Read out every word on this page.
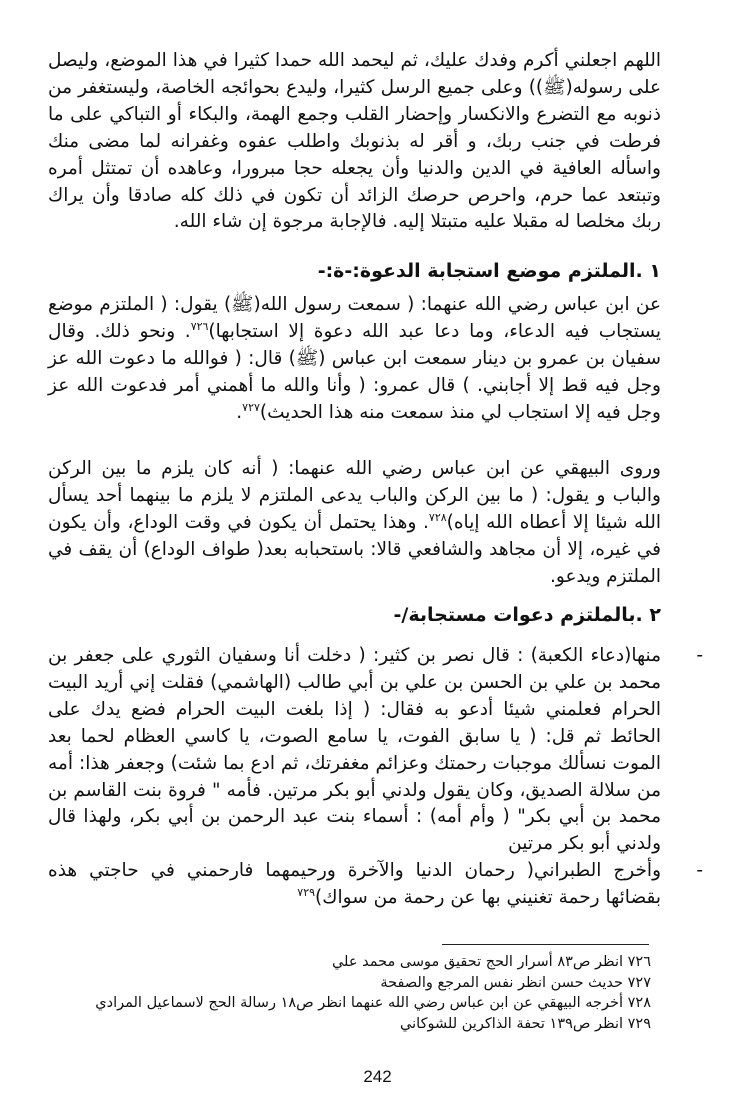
اللهم اجعلني أكرم وفدك عليك، ثم ليحمد الله حمدا كثيرا في هذا الموضع، وليصل على رسوله(ﷺ)) وعلى جميع الرسل كثيرا، وليدع بحوائجه الخاصة، وليستغفر من ذنوبه مع التضرع والانكسار وإحضار القلب وجمع الهمة، والبكاء أو التباكي على ما فرطت في جنب ربك، و أقر له بذنوبك واطلب عفوه وغفرانه لما مضى منك واسأله العافية في الدين والدنيا وأن يجعله حجا مبرورا، وعاهده أن تمتثل أمره وتبتعد عما حرم، واحرص حرصك الزائد أن تكون في ذلك كله صادقا وأن يراك ربك مخلصا له مقبلا عليه متبتلا إليه. فالإجابة مرجوة إن شاء الله.

١ .الملتزم موضع استجابة الدعوة:-ة:-

عن ابن عباس رضي الله عنهما: ( سمعت رسول الله(ﷺ) يقول: ( الملتزم موضع يستجاب فيه الدعاء، وما دعا عبد الله دعوة إلا استجابها)$^{٧٢٦}$. ونحو ذلك. وقال سفيان بن عمرو بن دينار سمعت ابن عباس (ﷺ) قال: ( فوالله ما دعوت الله عز وجل فيه قط إلا أجابني. ) قال عمرو: ( وأنا والله ما أهمني أمر فدعوت الله عز وجل فيه إلا استجاب لي منذ سمعت منه هذا الحديث)$^{٧٢٧}$.

وروى البيهقي عن ابن عباس رضي الله عنهما: ( أنه كان يلزم ما بين الركن والباب و يقول: ( ما بين الركن والباب يدعى الملتزم لا يلزم ما بينهما أحد يسأل الله شيئا إلا أعطاه الله إياه)$^{٧٢٨}$. وهذا يحتمل أن يكون في وقت الوداع، وأن يكون في غيره، إلا أن مجاهد والشافعي قالا: باستحبابه بعد( طواف الوداع) أن يقف في الملتزم ويدعو.

٢ .بالملتزم دعوات مستجابة/-

-

منها(دعاء الكعبة) : قال نصر بن كثير: ( دخلت أنا وسفيان الثوري على جعفر بن محمد بن علي بن الحسن بن علي بن أبي طالب (الهاشمي) فقلت إني أريد البيت الحرام فعلمني شيئا أدعو به فقال: ( إذا بلغت البيت الحرام فضع يدك على الحائط ثم قل: ( يا سابق الفوت، يا سامع الصوت، يا كاسي العظام لحما بعد الموت نسألك موجبات رحمتك وعزائم مغفرتك، ثم ادع بما شئت) وجعفر هذا: أمه من سلالة الصديق، وكان يقول ولدني أبو بكر مرتين. فأمه " فروة بنت القاسم بن محمد بن أبي بكر" ( وأم أمه) : أسماء بنت عبد الرحمن بن أبي بكر، ولهذا قال ولدني أبو بكر مرتين

-

وأخرج الطبراني( رحمان الدنيا والآخرة ورحيمهما فارحمني في حاجتي هذه بقضائها رحمة تغنيني بها عن رحمة من سواك)$^{٧٢٩}$

٧٢٦ انظر ص٨٣ أسرار الحج تحقيق موسى محمد علي

٧٢٧ حديث حسن انظر نفس المرجع والصفحة

٧٢٨ أخرجه البيهقي عن ابن عباس رضي الله عنهما انظر ص١٨ رسالة الحج لاسماعيل المرادي

٧٢٩ انظر ص١٣٩ تحفة الذاكرين للشوكاني

242
